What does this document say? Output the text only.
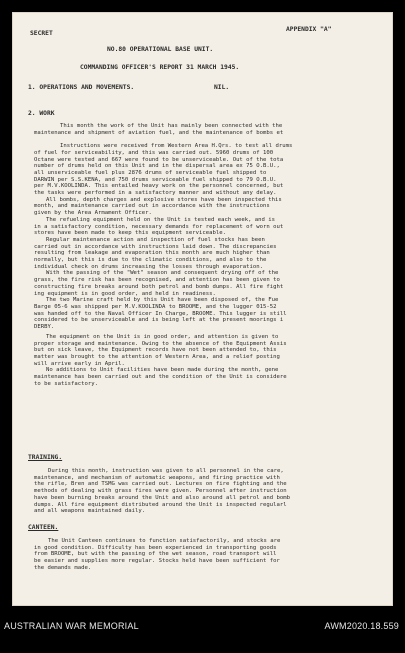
SECRET
APPENDIX "A"
NO.80 OPERATIONAL BASE UNIT.
COMMANDING OFFICER'S REPORT 31 MARCH 1945.
1. OPERATIONS AND MOVEMENTS.	NIL.
2. WORK
This month the work of the Unit has mainly been connected with the
maintenance and shipment of aviation fuel, and the maintenance of bombs et

Instructions were received from Western Area H.Qrs. to test all drums
of fuel for serviceability, and this was carried out. 5960 drums of 100
Octane were tested and 667 were found to be unserviceable. Out of the tota
number of drums held on this Unit and in the dispersal area ex 75 O.B.U.,
all unserviceable fuel plus 2876 drums of serviceable fuel shipped to
DARWIN per S.S.KENA, and 750 drums serviceable fuel shipped to 79 O.B.U.
per M.V.KOOLINDA. This entailed heavy work on the personnel concerned, but
the tasks were performed in a satisfactory manner and without any delay.
All bombs, depth charges and explosive stores have been inspected this
month, and maintenance carried out in accordance with the instructions
given by the Area Armament Officer.
The refueling equipment held on the Unit is tested each week, and is
in a satisfactory condition, necessary demands for replacement of worn out
stores have been made to keep this equipment serviceable.
Regular maintenance action and inspection of fuel stocks has been
carried out in accordance with instructions laid down. The discrepancies
resulting from leakage and evaporation this month are much higher than
normally, but this is due to the climatic conditions, and also to the
individual check on drums increasing the losses through evaporation.
With the passing of the "Wet" season and consequent drying off of the
grass, the fire risk has been recognised, and attention has been given to
constructing fire breaks around both petrol and bomb dumps. All fire fight
ing equipment is in good order, and held in readiness.
The two Marine craft held by this Unit have been disposed of, the Fue
Barge 05-6 was shipped per M.V.KOOLINDA to BROOME, and the lugger 015-52
was handed off to the Naval Officer In Charge, BROOME. This lugger is still
considered to be unserviceable and is being left at the present moorings i
DERBY.
The equipment on the Unit is in good order, and attention is given to
proper storage and maintenance. Owing to the absence of the Equipment Assis
but on sick leave, the Equipment records have not been attended to, this
matter was brought to the attention of Western Area, and a relief posting
will arrive early in April.
No additions to Unit facilities have been made during the month, gene
maintenance has been carried out and the condition of the Unit is considere
to be satisfactory.
TRAINING.
During this month, instruction was given to all personnel in the care,
maintenance, and mechanism of automatic weapons, and firing practice with
the rifle, Bren and TSMG was carried out. Lectures on fire fighting and the
methods of dealing with grass fires were given. Personnel after instruction
have been burning breaks around the Unit and also around all petrol and bomb
dumps. All fire equipment distributed around the Unit is inspected regularl
and all weapons maintained daily.
CANTEEN.
The Unit Canteen continues to function satisfactorily, and stocks are
in good condition. Difficulty has been experienced in transporting goods
from BROOME, but with the passing of the wet season, road transport will
be easier and supplies more regular. Stocks held have been sufficient for
the demands made.
AUSTRALIAN WAR MEMORIAL	AWM2020.18.559
